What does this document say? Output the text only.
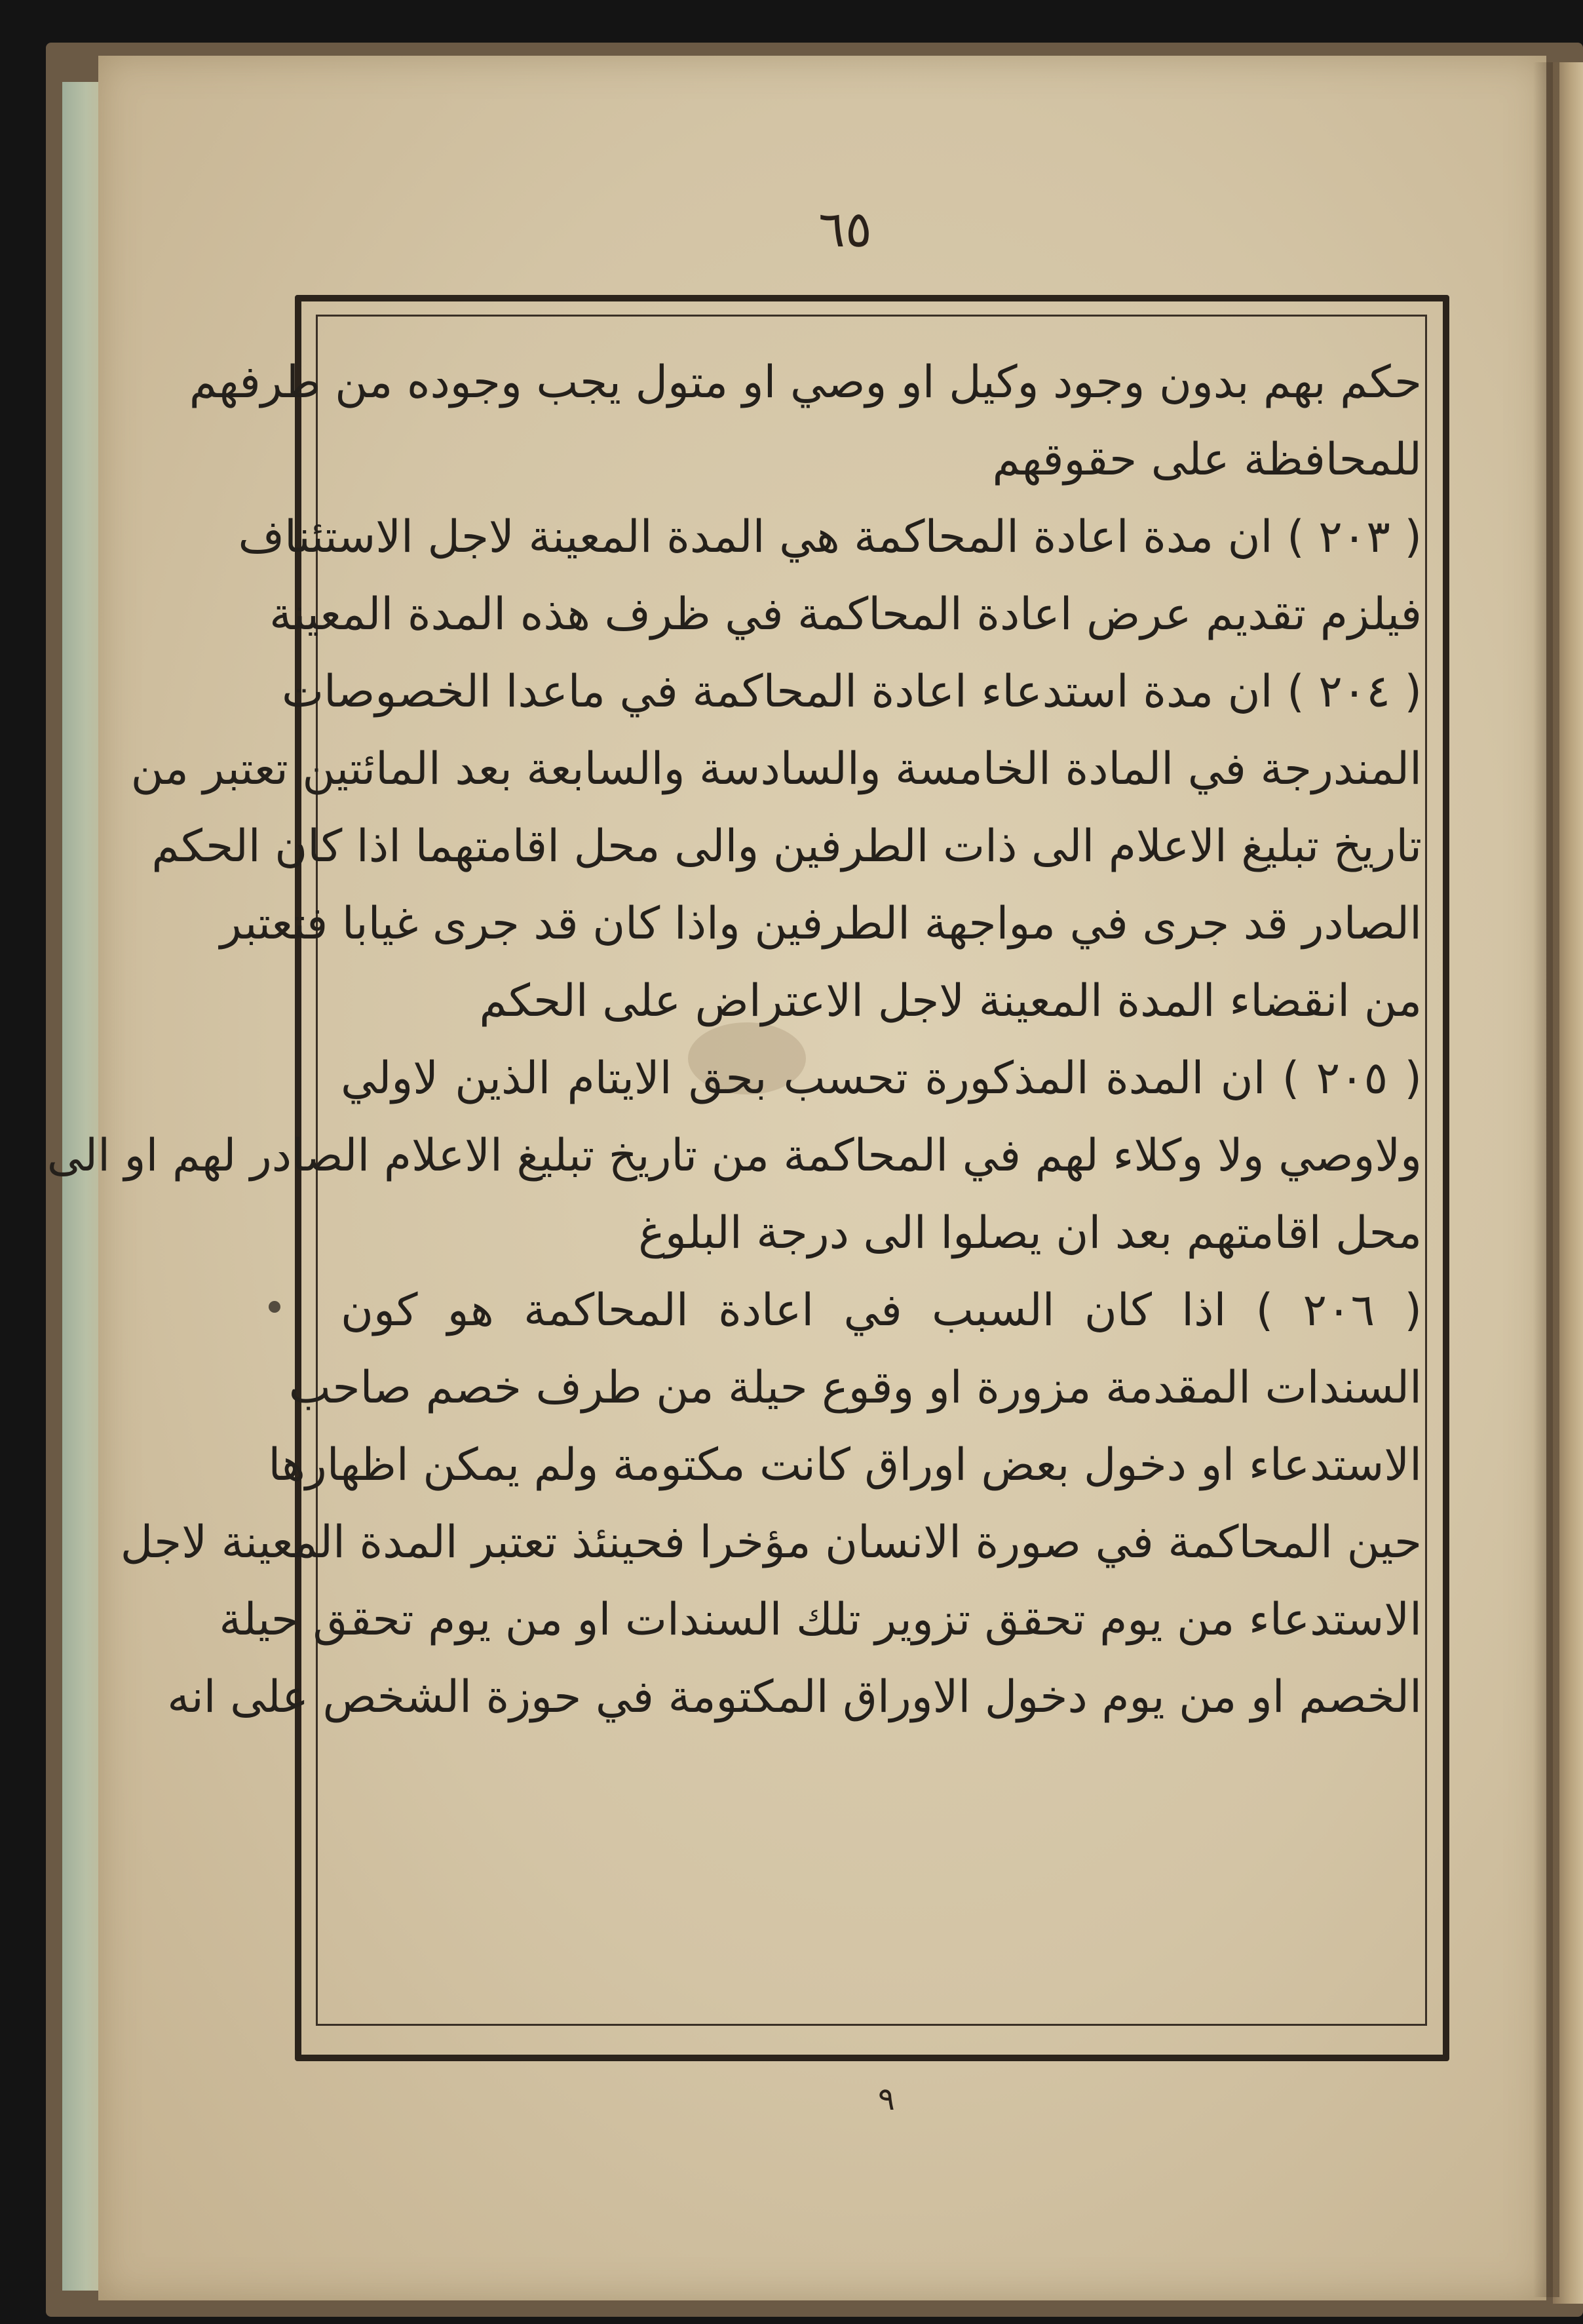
٦٥
حكم بهم بدون وجود وكيل او وصي او متول يجب وجوده من طرفهم
للمحافظة على حقوقهم
( ٢٠٣ ) ان مدة اعادة المحاكمة هي المدة المعينة لاجل الاستئناف
فيلزم تقديم عرض اعادة المحاكمة في ظرف هذه المدة المعينة
( ٢٠٤ ) ان مدة استدعاء اعادة المحاكمة في ماعدا الخصوصات
المندرجة في المادة الخامسة والسادسة والسابعة بعد المائتين تعتبر من
تاريخ تبليغ الاعلام الى ذات الطرفين والى محل اقامتهما اذا كان الحكم
الصادر قد جرى في مواجهة الطرفين واذا كان قد جرى غيابا فتعتبر
من انقضاء المدة المعينة لاجل الاعتراض على الحكم
( ٢٠٥ ) ان المدة المذكورة تحسب بحق الايتام الذين لاولي
ولاوصي ولا وكلاء لهم في المحاكمة من تاريخ تبليغ الاعلام الصادر لهم او الى
محل اقامتهم بعد ان يصلوا الى درجة البلوغ
( ٢٠٦ ) اذا كان السبب في اعادة المحاكمة هو كون
السندات المقدمة مزورة او وقوع حيلة من طرف خصم صاحب
الاستدعاء او دخول بعض اوراق كانت مكتومة ولم يمكن اظهارها
حين المحاكمة في صورة الانسان مؤخرا فحينئذ تعتبر المدة المعينة لاجل
الاستدعاء من يوم تحقق تزوير تلك السندات او من يوم تحقق حيلة
الخصم او من يوم دخول الاوراق المكتومة في حوزة الشخص على انه
٩
